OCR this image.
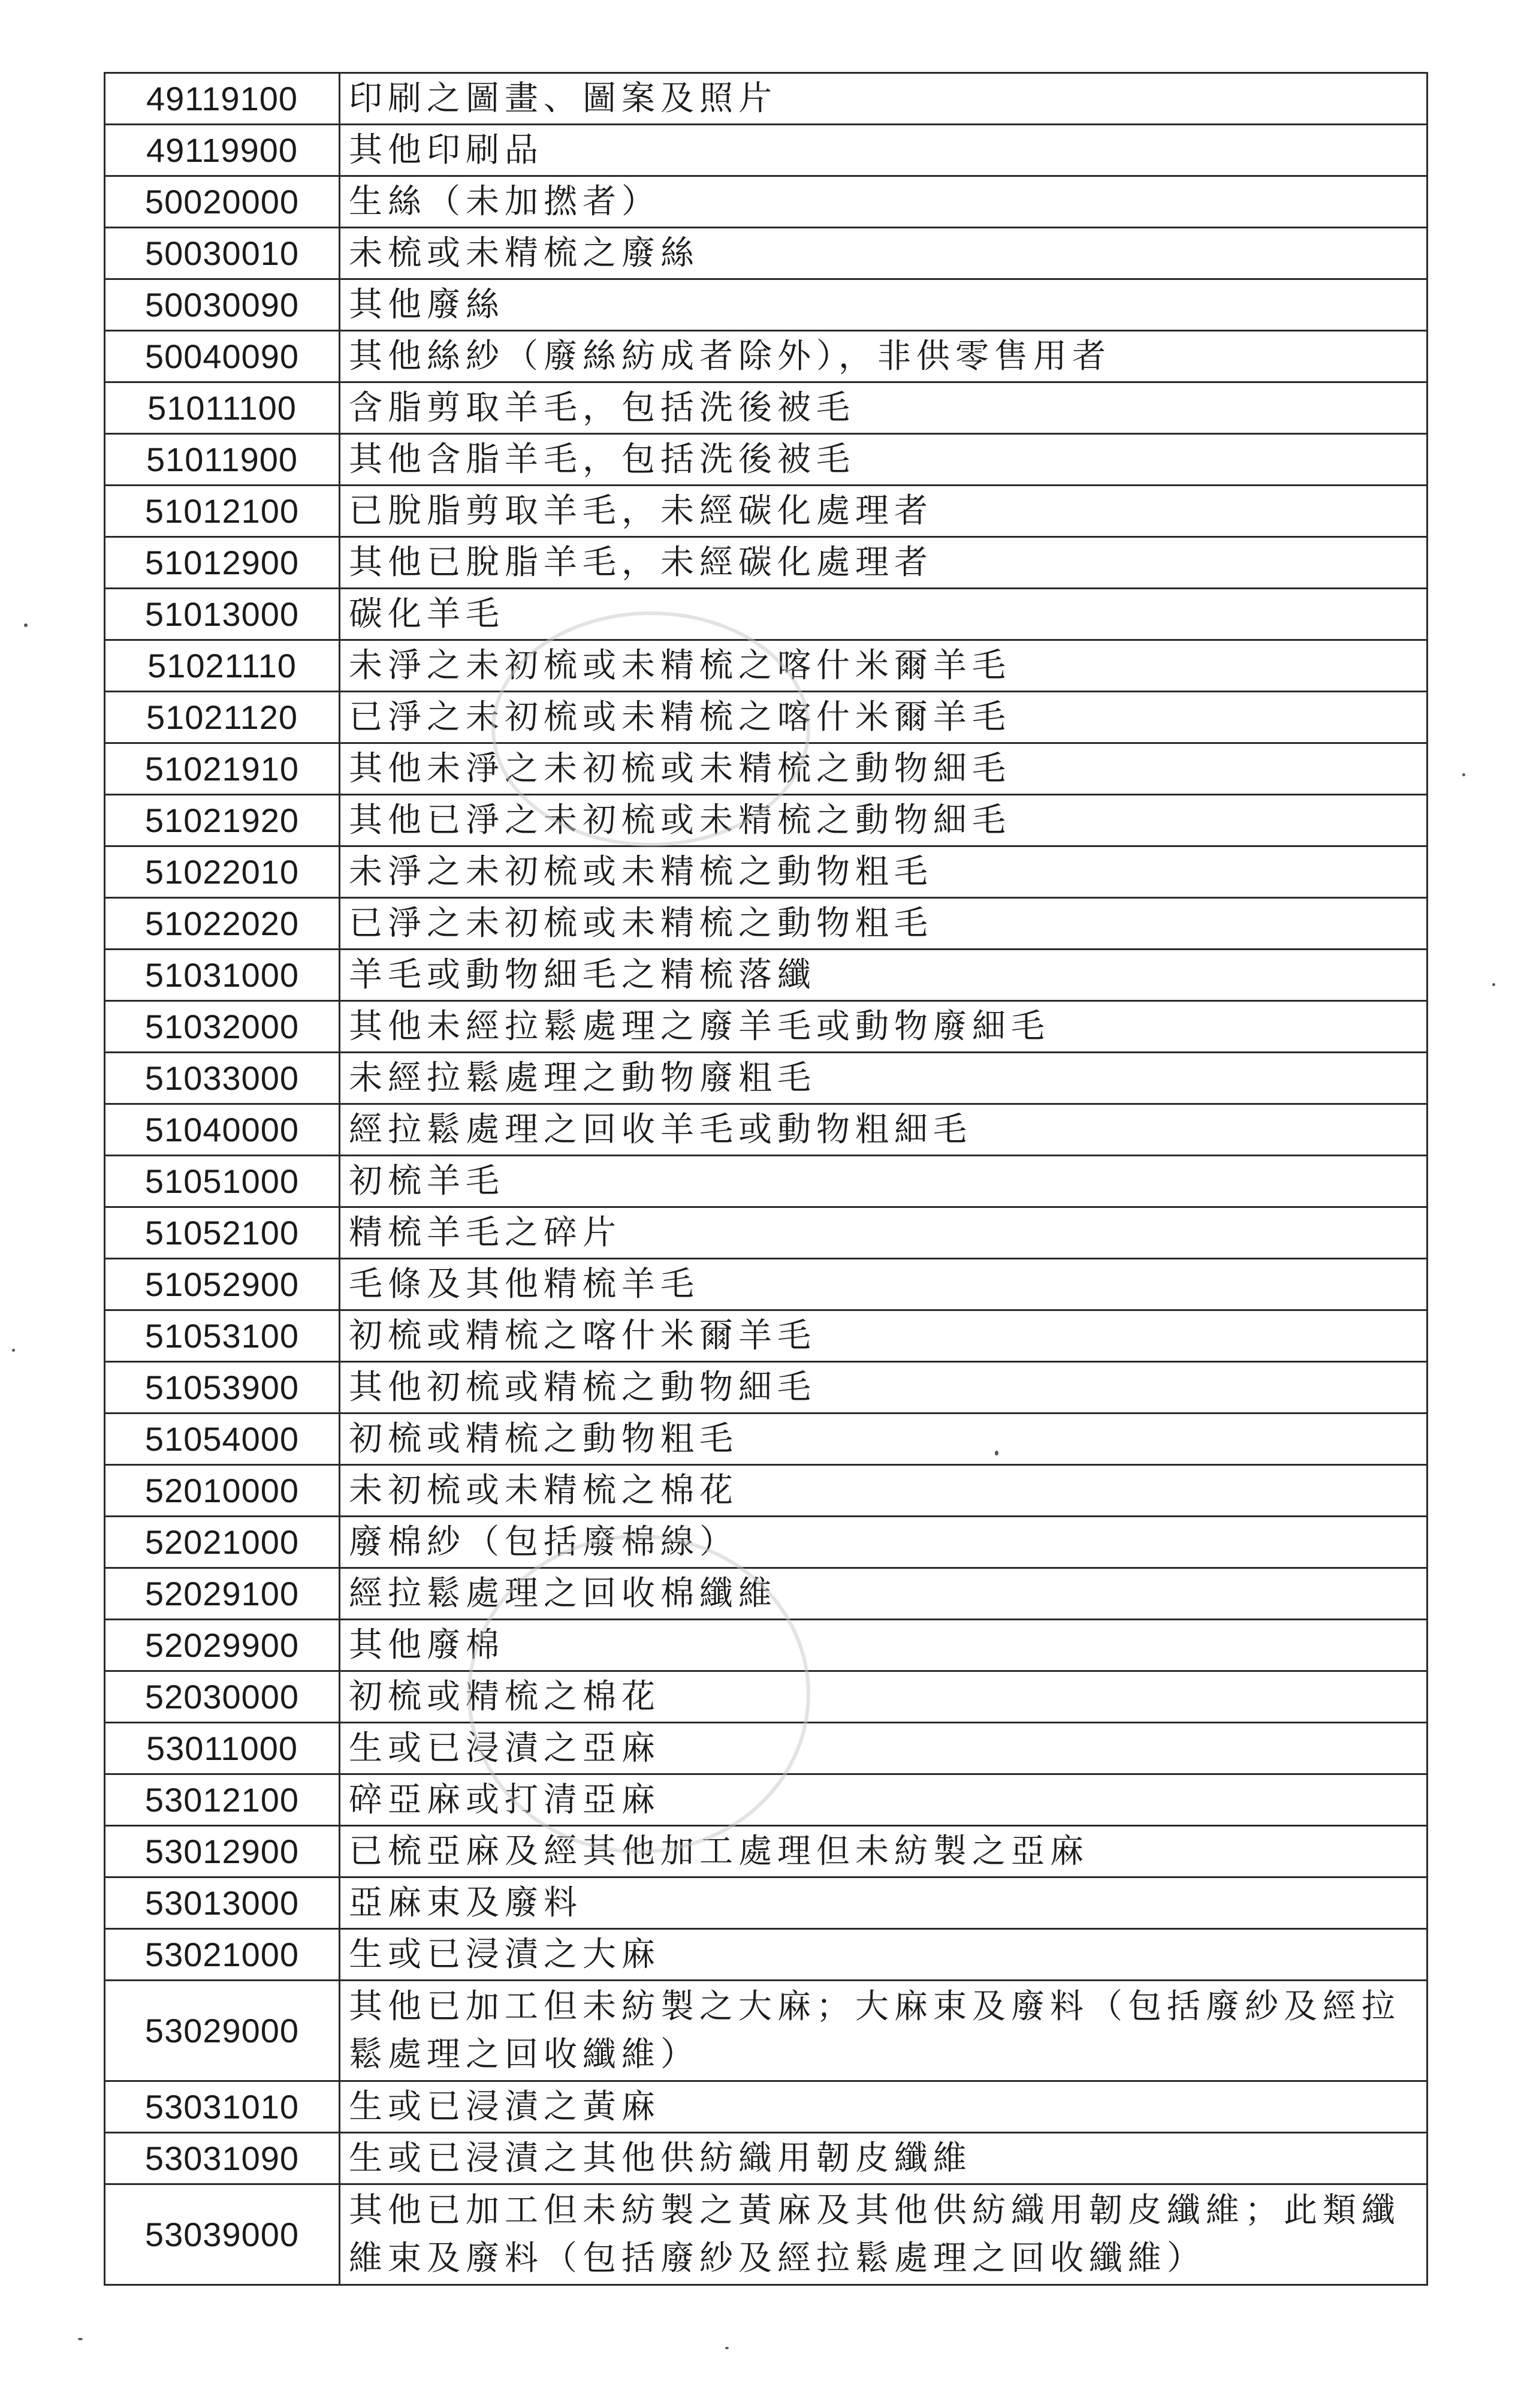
49119100	印刷之圖畫、圖案及照片
49119900	其他印刷品
50020000	生絲（未加撚者）
50030010	未梳或未精梳之廢絲
50030090	其他廢絲
50040090	其他絲紗（廢絲紡成者除外），非供零售用者
51011100	含脂剪取羊毛，包括洗後被毛
51011900	其他含脂羊毛，包括洗後被毛
51012100	已脫脂剪取羊毛，未經碳化處理者
51012900	其他已脫脂羊毛，未經碳化處理者
51013000	碳化羊毛
51021110	未淨之未初梳或未精梳之喀什米爾羊毛
51021120	已淨之未初梳或未精梳之喀什米爾羊毛
51021910	其他未淨之未初梳或未精梳之動物細毛
51021920	其他已淨之未初梳或未精梳之動物細毛
51022010	未淨之未初梳或未精梳之動物粗毛
51022020	已淨之未初梳或未精梳之動物粗毛
51031000	羊毛或動物細毛之精梳落纖
51032000	其他未經拉鬆處理之廢羊毛或動物廢細毛
51033000	未經拉鬆處理之動物廢粗毛
51040000	經拉鬆處理之回收羊毛或動物粗細毛
51051000	初梳羊毛
51052100	精梳羊毛之碎片
51052900	毛條及其他精梳羊毛
51053100	初梳或精梳之喀什米爾羊毛
51053900	其他初梳或精梳之動物細毛
51054000	初梳或精梳之動物粗毛
52010000	未初梳或未精梳之棉花
52021000	廢棉紗（包括廢棉線）
52029100	經拉鬆處理之回收棉纖維
52029900	其他廢棉
52030000	初梳或精梳之棉花
53011000	生或已浸漬之亞麻
53012100	碎亞麻或打清亞麻
53012900	已梳亞麻及經其他加工處理但未紡製之亞麻
53013000	亞麻束及廢料
53021000	生或已浸漬之大麻
53029000	其他已加工但未紡製之大麻；大麻束及廢料（包括廢紗及經拉鬆處理之回收纖維）
53031010	生或已浸漬之黃麻
53031090	生或已浸漬之其他供紡織用韌皮纖維
53039000	其他已加工但未紡製之黃麻及其他供紡織用韌皮纖維；此類纖維束及廢料（包括廢紗及經拉鬆處理之回收纖維）
